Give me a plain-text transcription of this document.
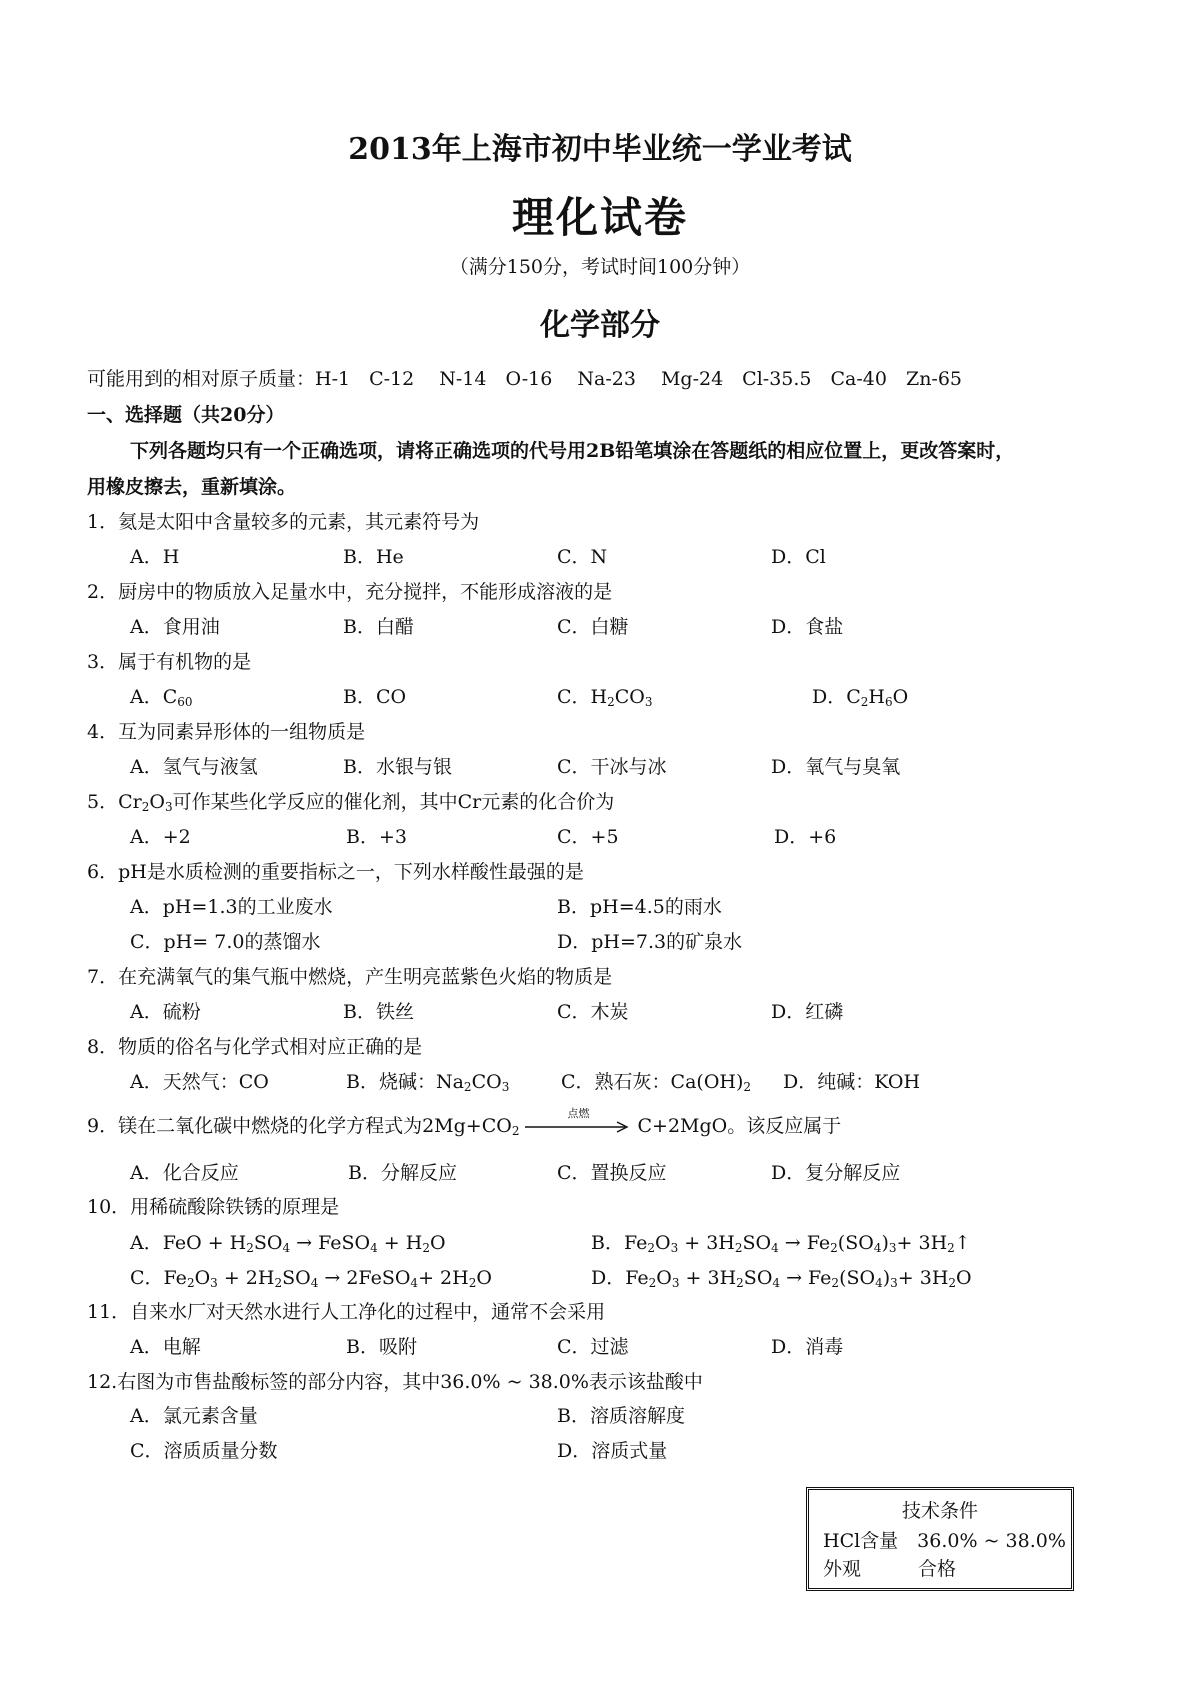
2013年上海市初中毕业统一学业考试
理化试卷
（满分150分，考试时间100分钟）
化学部分
可能用到的相对原子质量：H-1　C-12　 N-14　O-16　 Na-23　 Mg-24　Cl-35.5　Ca-40　Zn-65
一、选择题（共20分）
下列各题均只有一个正确选项，请将正确选项的代号用2B铅笔填涂在答题纸的相应位置上，更改答案时，
用橡皮擦去，重新填涂。
1．氦是太阳中含量较多的元素，其元素符号为
A．H	B．He	C．N	D．Cl
2．厨房中的物质放入足量水中，充分搅拌，不能形成溶液的是
A．食用油	B．白醋	C．白糖	D．食盐
3．属于有机物的是
A．$C_{60}$	B．CO	C．$H_2CO_3$	D．$C_2H_6O$
4．互为同素异形体的一组物质是
A．氢气与液氢	B．水银与银	C．干冰与冰	D．氧气与臭氧
5．$Cr_2O_3$可作某些化学反应的催化剂，其中Cr元素的化合价为
A．+2	B．+3	C．+5	D．+6
6．pH是水质检测的重要指标之一，下列水样酸性最强的是
A．pH=1.3的工业废水	B．pH=4.5的雨水
C．pH= 7.0的蒸馏水	D．pH=7.3的矿泉水
7．在充满氧气的集气瓶中燃烧，产生明亮蓝紫色火焰的物质是
A．硫粉	B．铁丝	C．木炭	D．红磷
8．物质的俗名与化学式相对应正确的是
A．天然气：CO	B．烧碱：$Na_2CO_3$	C．熟石灰：$Ca(OH)_2$ D．纯碱：KOH
9．镁在二氧化碳中燃烧的化学方程式为$2Mg+CO_2$
点燃
C+2MgO。该反应属于
A．化合反应	B．分解反应	C．置换反应	D．复分解反应
10．用稀硫酸除铁锈的原理是
A．FeO + $H_2SO_4$ → FeSO$_4$ + $H_2O$	B．$Fe_2O_3 + 3H_2SO_4 \to Fe_2(SO_4)_3+$ $3H_2↑$
C．$Fe_2O_3 + 2H_2SO_4$ → 2FeSO$_4$+ $2H_2O$	D．$Fe_2O_3 + 3H_2SO_4 \to Fe_2(SO_4)_3+ 3H_2O$
11．自来水厂对天然水进行人工净化的过程中，通常不会采用
A．电解	B．吸附	C．过滤	D．消毒
12.右图为市售盐酸标签的部分内容，其中36.0% ~ 38.0%表示该盐酸中
A．氯元素含量	B．溶质溶解度
C．溶质质量分数	D．溶质式量
技术条件
HCl含量　36.0% ~ 38.0%
外观　　　合格
